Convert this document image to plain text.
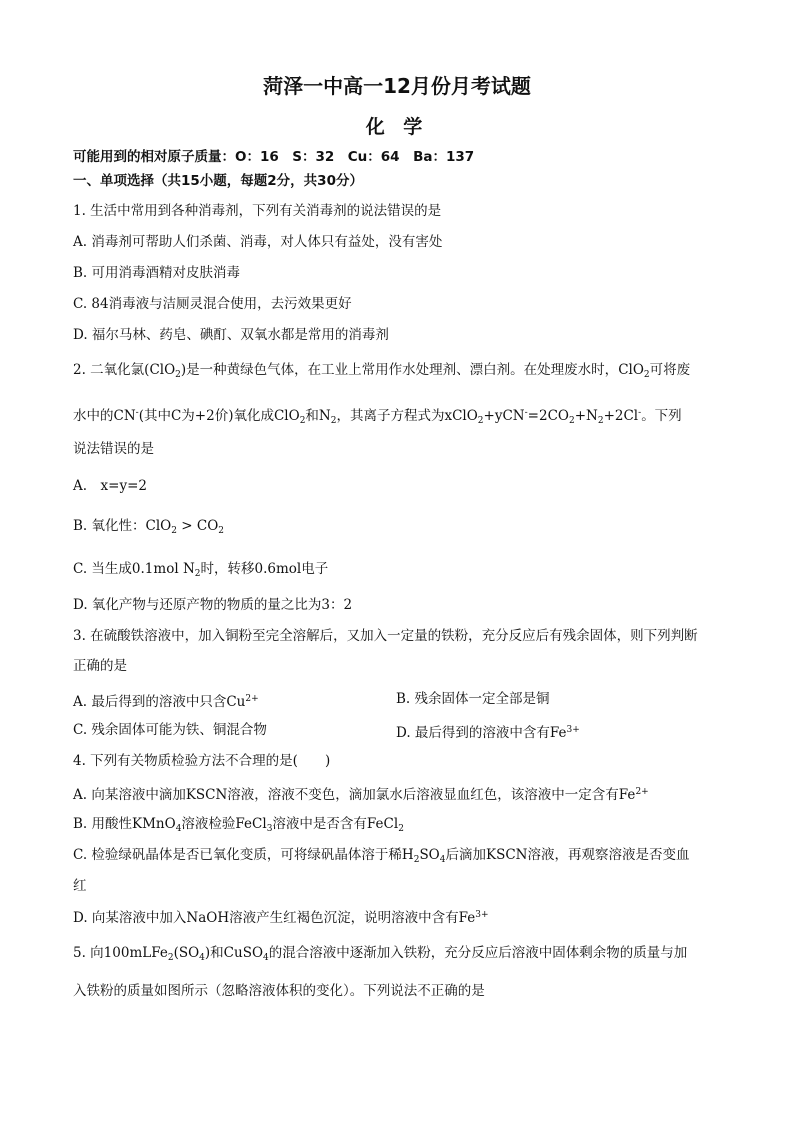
菏泽一中高一12月份月考试题
化 学
可能用到的相对原子质量：O：16　S：32　Cu：64　Ba：137
一、单项选择（共15小题，每题2分，共30分）
1. 生活中常用到各种消毒剂，下列有关消毒剂的说法错误的是
A. 消毒剂可帮助人们杀菌、消毒，对人体只有益处，没有害处
B. 可用消毒酒精对皮肤消毒
C. 84消毒液与洁厕灵混合使用，去污效果更好
D. 福尔马林、药皂、碘酊、双氧水都是常用的消毒剂
2. 二氧化氯(ClO$_2$)是一种黄绿色气体，在工业上常用作水处理剂、漂白剂。在处理废水时，ClO$_2$可将废
水中的CN-(其中C为+2价)氧化成ClO$_2$和$N_2$，其离子方程式为$xClO_2+yCN^-=2CO_2+N_2+2Cl^-$。下列
说法错误的是
A.　x=y=2
B. 氧化性：$ClO_2 > CO_2$
C. 当生成0.1mol $N_2$时，转移0.6mol电子
D. 氧化产物与还原产物的物质的量之比为3：2
3. 在硫酸铁溶液中，加入铜粉至完全溶解后，又加入一定量的铁粉，充分反应后有残余固体，则下列判断
正确的是
A. 最后得到的溶液中只含$Cu^{2+}$	B. 残余固体一定全部是铜
C. 残余固体可能为铁、铜混合物	D. 最后得到的溶液中含有$Fe^{3+}$
4. 下列有关物质检验方法不合理的是(　　)
A. 向某溶液中滴加KSCN溶液，溶液不变色，滴加氯水后溶液显血红色，该溶液中一定含有$Fe^{2+}$
B. 用酸性KMnO$_4$溶液检验FeCl$_3$溶液中是否含有FeCl$_2$
C. 检验绿矾晶体是否已氧化变质，可将绿矾晶体溶于稀$H_2SO_4$后滴加KSCN溶液，再观察溶液是否变血
红
D. 向某溶液中加入NaOH溶液产生红褐色沉淀，说明溶液中含有$Fe^{3+}$
5. 向$100mLFe_2(SO_4)$和CuSO$_4$的混合溶液中逐渐加入铁粉，充分反应后溶液中固体剩余物的质量与加
入铁粉的质量如图所示（忽略溶液体积的变化）。下列说法不正确的是
